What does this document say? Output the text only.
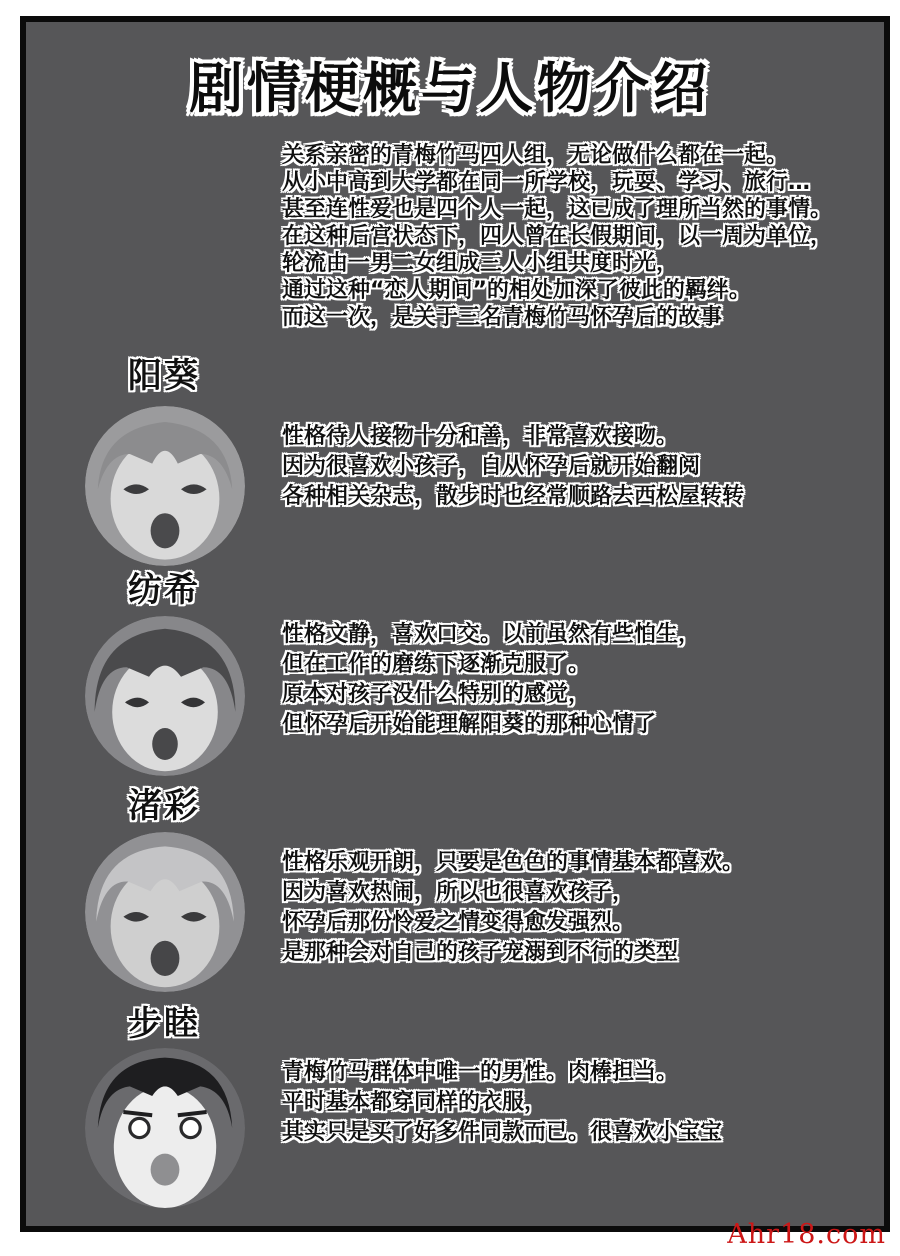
剧情梗概与人物介绍
关系亲密的青梅竹马四人组，无论做什么都在一起。
从小中高到大学都在同一所学校，玩耍、学习、旅行…
甚至连性爱也是四个人一起，这已成了理所当然的事情。
在这种后宫状态下，四人曾在长假期间，以一周为单位，
轮流由一男二女组成三人小组共度时光，
通过这种“恋人期间”的相处加深了彼此的羁绊。
而这一次，是关于三名青梅竹马怀孕后的故事
阳葵
性格待人接物十分和善，非常喜欢接吻。
因为很喜欢小孩子，自从怀孕后就开始翻阅
各种相关杂志，散步时也经常顺路去西松屋转转
纺希
性格文静，喜欢口交。以前虽然有些怕生，
但在工作的磨练下逐渐克服了。
原本对孩子没什么特别的感觉，
但怀孕后开始能理解阳葵的那种心情了
渚彩
性格乐观开朗，只要是色色的事情基本都喜欢。
因为喜欢热闹，所以也很喜欢孩子，
怀孕后那份怜爱之情变得愈发强烈。
是那种会对自己的孩子宠溺到不行的类型
步睦
青梅竹马群体中唯一的男性。肉棒担当。
平时基本都穿同样的衣服，
其实只是买了好多件同款而已。很喜欢小宝宝
Ahr18.com
